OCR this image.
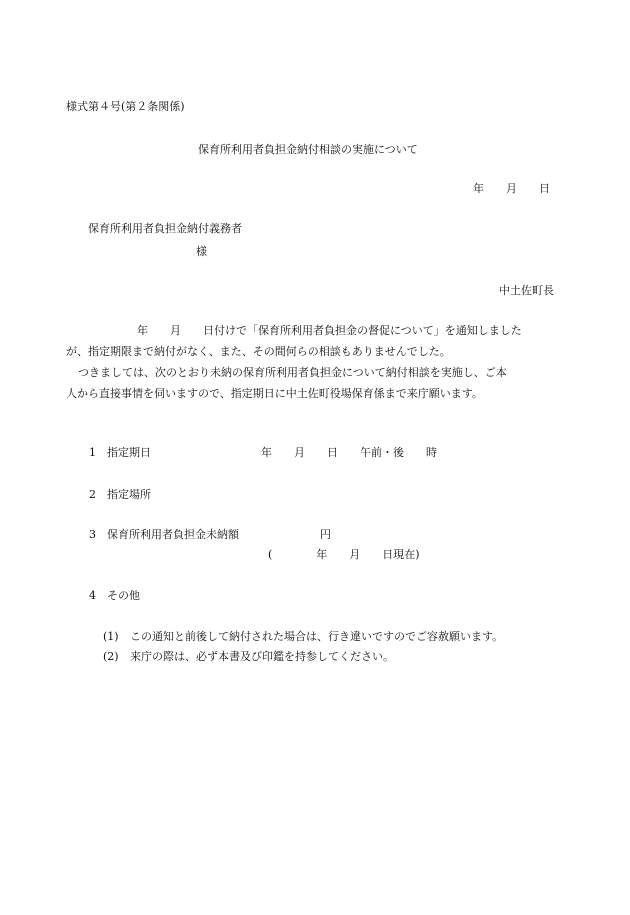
様式第４号(第２条関係)
保育所利用者負担金納付相談の実施について
年　　月　　日
保育所利用者負担金納付義務者
様
中土佐町長
年　　月　　日付けで「保育所利用者負担金の督促について」を通知しました
が、指定期限まで納付がなく、また、その間何らの相談もありませんでした。
つきましては、次のとおり未納の保育所利用者負担金について納付相談を実施し、ご本
人から直接事情を伺いますので、指定期日に中土佐町役場保育係まで来庁願います。
1 指定期日	年　　月　　日　　午前・後　　時
2 指定場所
3 保育所利用者負担金未納額	円
(　　　　年　　月　　日現在)
4 その他
(1) この通知と前後して納付された場合は、行き違いですのでご容赦願います。
(2) 来庁の際は、必ず本書及び印鑑を持参してください。
